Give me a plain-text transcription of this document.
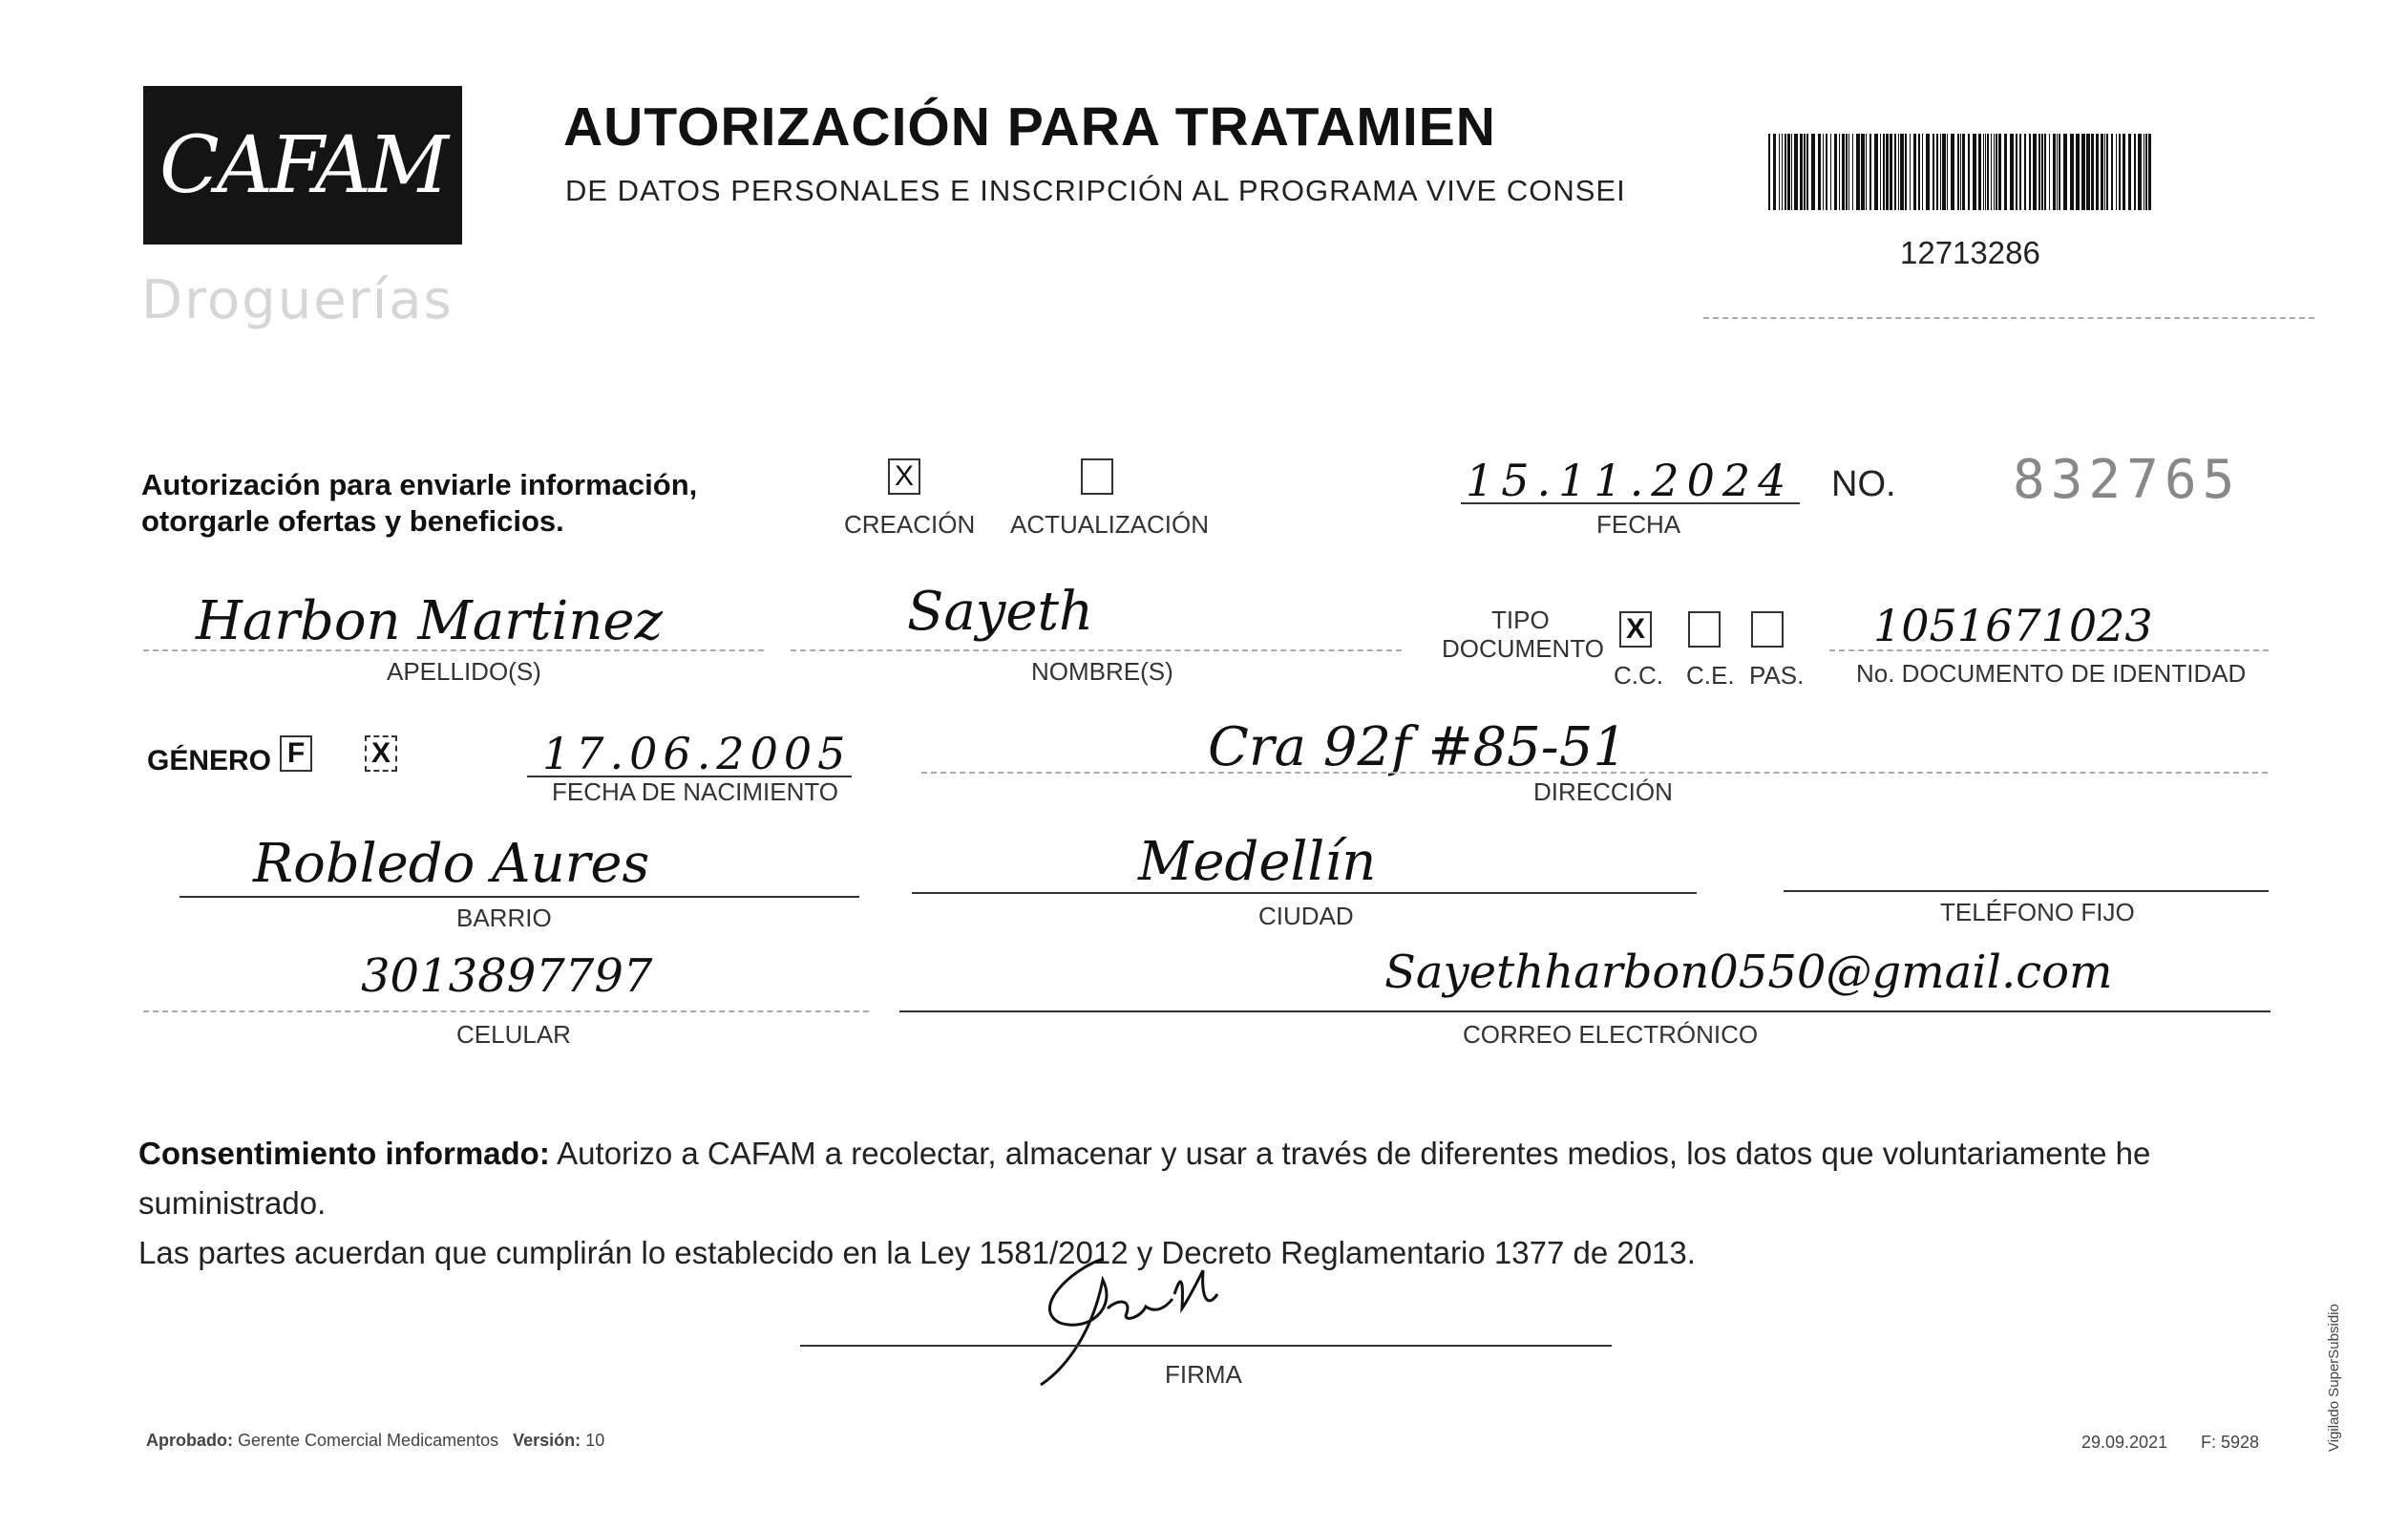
CAFAM
Droguerías
AUTORIZACIÓN PARA TRATAMIEN
DE DATOS PERSONALES E INSCRIPCIÓN AL PROGRAMA VIVE CONSEI
12713286
Autorización para enviarle información,
otorgarle ofertas y beneficios.
X
CREACIÓN ACTUALIZACIÓN
15.11.2024
FECHA
NO. 832765
Harbon Martinez
APELLIDO(S)
Sayeth
NOMBRE(S)
TIPO
DOCUMENTO
X
C.C. C.E. PAS.
1051671023
No. DOCUMENTO DE IDENTIDAD
GÉNERO F X	17.06.2005
FECHA DE NACIMIENTO
Cra 92f #85-51
DIRECCIÓN
Robledo Aures
BARRIO
Medellín
CIUDAD	TELÉFONO FIJO
3013897797
CELULAR
Sayethharbon0550@gmail.com
CORREO ELECTRÓNICO
Consentimiento informado: Autorizo a CAFAM a recolectar, almacenar y usar a través de diferentes medios, los datos que voluntariamente he suministrado.
Las partes acuerdan que cumplirán lo establecido en la Ley 1581/2012 y Decreto Reglamentario 1377 de 2013.
FIRMA
Aprobado: Gerente Comercial Medicamentos Versión: 10	29.09.2021 F: 5928	Vigilado SuperSubsidio
